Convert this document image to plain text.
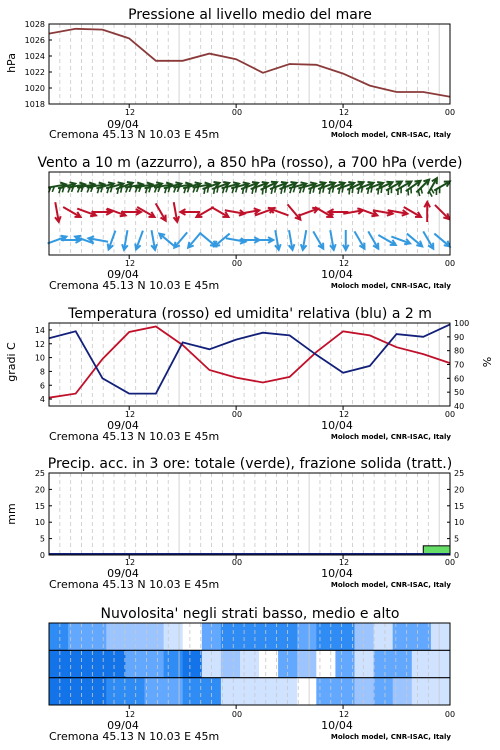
Pressione al livello medio del mare
hPa
1018
1020
1022
1024
1026
1028
12	00	12	00
09/04	10/04
Cremona 45.13 N 10.03 E 45m	Moloch model, CNR-ISAC, Italy
Vento a 10 m (azzurro), a 850 hPa (rosso), a 700 hPa (verde)
12	00	12	00
09/04	10/04
Cremona 45.13 N 10.03 E 45m	Moloch model, CNR-ISAC, Italy
Temperatura (rosso) ed umidita' relativa (blu) a 2 m
gradi C	%
4
6
8
10
12
14
40
50
60
70
80
90
100
12	00	12	00
09/04	10/04
Cremona 45.13 N 10.03 E 45m	Moloch model, CNR-ISAC, Italy
Precip. acc. in 3 ore: totale (verde), frazione solida (tratt.)
mm
0
5
10
15
20
25
0
5
10
15
20
25
12	00	12	00
09/04	10/04
Cremona 45.13 N 10.03 E 45m	Moloch model, CNR-ISAC, Italy
Nuvolosita' negli strati basso, medio e alto
12	00	12	00
09/04	10/04
Cremona 45.13 N 10.03 E 45m	Moloch model, CNR-ISAC, Italy
